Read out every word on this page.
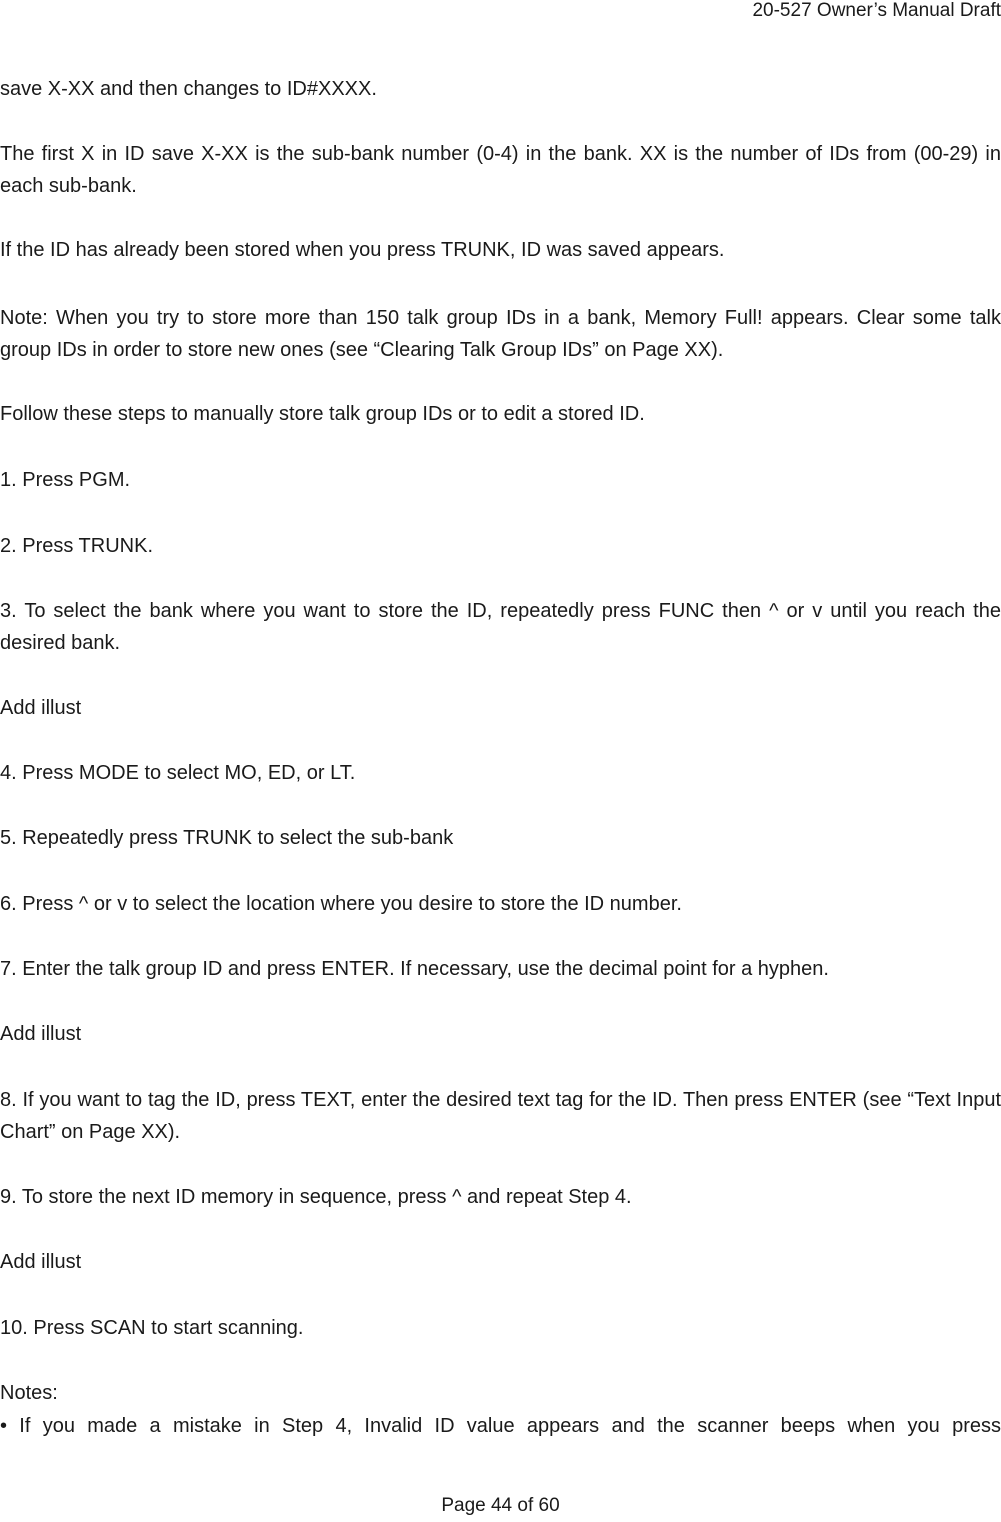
20-527 Owner’s Manual Draft

save X-XX and then changes to ID#XXXX.

The first X in ID save X-XX is the sub-bank number (0-4) in the bank. XX is the number of IDs from (00-29) in each sub-bank.

If the ID has already been stored when you press TRUNK, ID was saved appears.

Note: When you try to store more than 150 talk group IDs in a bank, Memory Full! appears. Clear some talk group IDs in order to store new ones (see “Clearing Talk Group IDs” on Page XX).

Follow these steps to manually store talk group IDs or to edit a stored ID.

1. Press PGM.

2. Press TRUNK.

3. To select the bank where you want to store the ID, repeatedly press FUNC then ^ or v until you reach the desired bank.

Add illust

4. Press MODE to select MO, ED, or LT.

5. Repeatedly press TRUNK to select the sub-bank

6. Press ^ or v to select the location where you desire to store the ID number.

7. Enter the talk group ID and press ENTER. If necessary, use the decimal point for a hyphen.

Add illust

8. If you want to tag the ID, press TEXT, enter the desired text tag for the ID. Then press ENTER (see “Text Input Chart” on Page XX).

9. To store the next ID memory in sequence, press ^ and repeat Step 4.

Add illust

10. Press SCAN to start scanning.

Notes:

• If you made a mistake in Step 4, Invalid ID value appears and the scanner beeps when you press

Page 44 of 60
